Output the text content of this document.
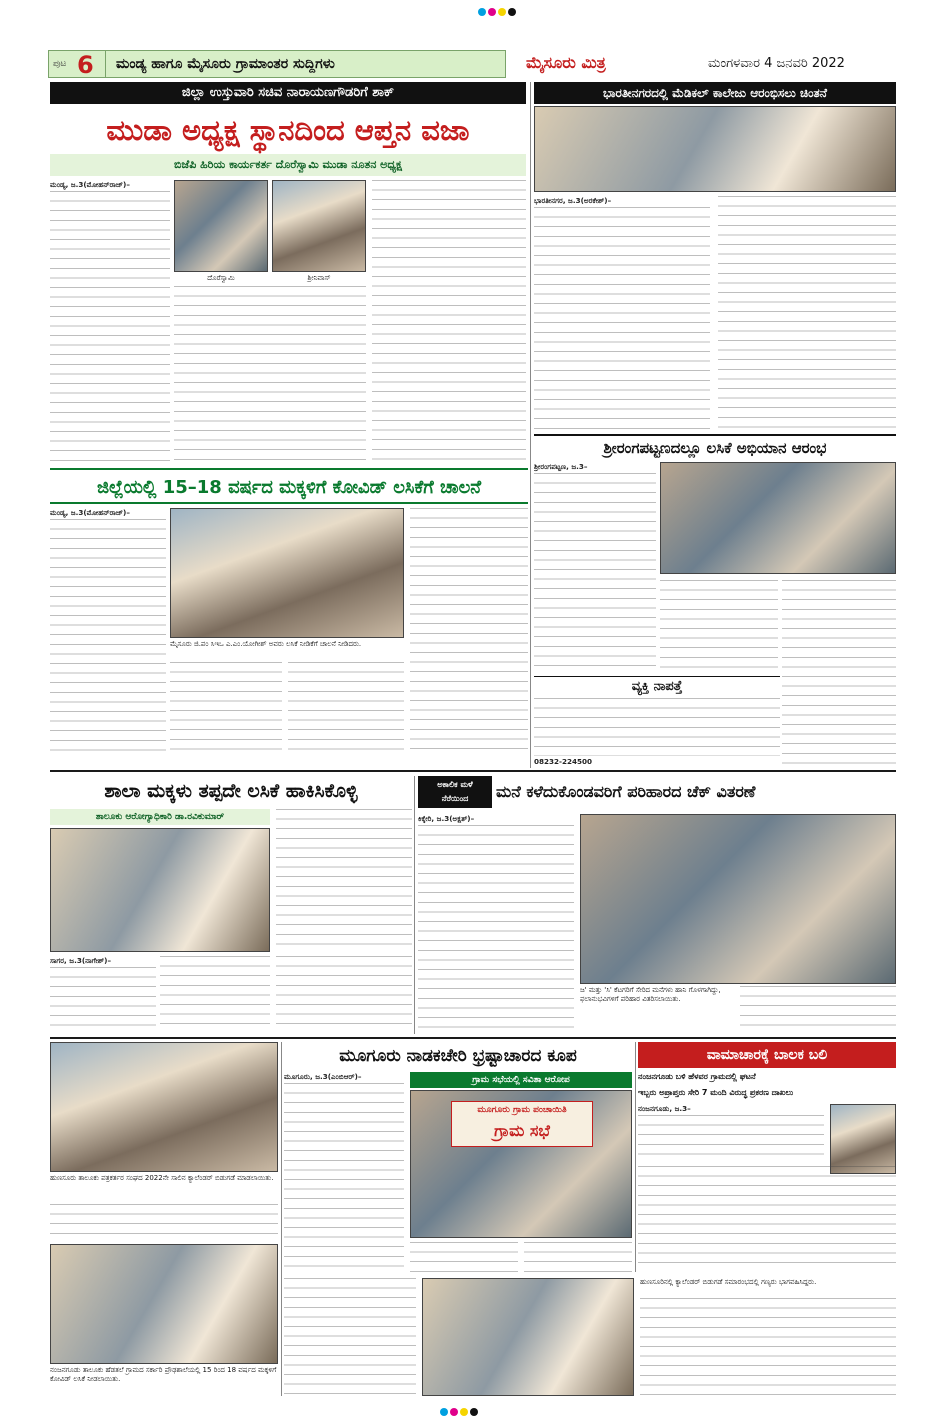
ಪುಟ 6 ಮಂಡ್ಯ ಹಾಗೂ ಮೈಸೂರು ಗ್ರಾಮಾಂತರ ಸುದ್ದಿಗಳು	ಮೈಸೂರು ಮಿತ್ರ	ಮಂಗಳವಾರ 4 ಜನವರಿ 2022
ಜಿಲ್ಲಾ ಉಸ್ತುವಾರಿ ಸಚಿವ ನಾರಾಯಣಗೌಡರಿಗೆ ಶಾಕ್
ಮುಡಾ ಅಧ್ಯಕ್ಷ ಸ್ಥಾನದಿಂದ ಆಪ್ತನ ವಜಾ
ಬಿಜೆಪಿ ಹಿರಿಯ ಕಾರ್ಯಕರ್ತ ದೊರೆಸ್ವಾಮಿ ಮುಡಾ ನೂತನ ಅಧ್ಯಕ್ಷ
ಮಂಡ್ಯ, ಜ.3(ಮೋಹನ್‌ರಾಜ್)–
ದೊರೆಸ್ವಾಮಿ	ಶ್ರೀನಿವಾಸ್
ಭಾರತೀನಗರದಲ್ಲಿ ಮೆಡಿಕಲ್ ಕಾಲೇಜು ಆರಂಭಿಸಲು ಚಿಂತನೆ
ಭಾರತೀನಗರ, ಜ.3(ಅರಕೇಶ್)–
ಶ್ರೀರಂಗಪಟ್ಟಣದಲ್ಲೂ ಲಸಿಕೆ ಅಭಿಯಾನ ಆರಂಭ
ಶ್ರೀರಂಗಪಟ್ಟಣ, ಜ.3–
ಜಿಲ್ಲೆಯಲ್ಲಿ 15–18 ವರ್ಷದ ಮಕ್ಕಳಿಗೆ ಕೋವಿಡ್ ಲಸಿಕೆಗೆ ಚಾಲನೆ
ಮಂಡ್ಯ, ಜ.3(ಮೋಹನ್‌ರಾಜ್)–
ಮೈಸೂರು ಜಿ.ಪಂ ಸಿಇಒ ಎ.ಎಂ.ಯೋಗೀಶ್ ಅವರು ಲಸಿಕೆ ನೀಡಿಕೆಗೆ ಚಾಲನೆ ನೀಡಿದರು.
ವ್ಯಕ್ತಿ ನಾಪತ್ತೆ
08232-224500
ಶಾಲಾ ಮಕ್ಕಳು ತಪ್ಪದೇ ಲಸಿಕೆ ಹಾಕಿಸಿಕೊಳ್ಳಿ
ತಾಲೂಕು ಆರೋಗ್ಯಾಧಿಕಾರಿ ಡಾ.ರವಿಕುಮಾರ್
ಸಾಗರ, ಜ.3(ನಾಗೇಶ್)–
ಅಕಾಲಿಕ ಮಳೆ
ನೆರೆಯಿಂದ	ಮನೆ ಕಳೆದುಕೊಂಡವರಿಗೆ ಪರಿಹಾರದ ಚೆಕ್ ವಿತರಣೆ
ಕಿಕ್ಕೇರಿ, ಜ.3(ಅಕ್ಷತ್)–
ಜ' ಮತ್ತು 'ಸಿ' ಕೆಟಗರಿಗೆ ಸೇರಿದ ಮನೆಗಳು ಹಾನಿ ಗೊಳಗಾಗಿದ್ದು, ಫಲಾನುಭವಿಗಳಿಗೆ ಪರಿಹಾರ ವಿತರಿಸಲಾಯಿತು.
ಹುಣಸೂರು ತಾಲೂಕು ಪತ್ರಕರ್ತರ ಸಂಘದ 2022ನೇ ಸಾಲಿನ ಕ್ಯಾಲೆಂಡರ್ ಬಿಡುಗಡೆ ಮಾಡಲಾಯಿತು.
ನಂಜನಗೂಡು ತಾಲೂಕು ಹೆಡತಲೆ ಗ್ರಾಮದ ಸರ್ಕಾರಿ ಪ್ರೌಢಶಾಲೆಯಲ್ಲಿ 15 ರಿಂದ 18 ವರ್ಷದ ಮಕ್ಕಳಿಗೆ ಕೋವಿಡ್ ಲಸಿಕೆ ನೀಡಲಾಯಿತು.
ಮೂಗೂರು ನಾಡಕಚೇರಿ ಭ್ರಷ್ಟಾಚಾರದ ಕೂಪ
ಮೂಗೂರು, ಜ.3(ಎಂಬಿಆರ್)–	ಗ್ರಾಮ ಸಭೆಯಲ್ಲಿ ಸವಿತಾ ಆರೋಪ
ಮೂಗೂರು ಗ್ರಾಮ ಪಂಚಾಯಿತಿ
ಗ್ರಾಮ ಸಭೆ
ವಾಮಾಚಾರಕ್ಕೆ ಬಾಲಕ ಬಲಿ
ನಂಜನಗೂಡು ಬಳಿ ಹೆಳವರ ಗ್ರಾಮದಲ್ಲಿ ಘಟನೆ
ಇಬ್ಬರು ಅಪ್ರಾಪ್ತರು ಸೇರಿ 7 ಮಂದಿ ವಿರುದ್ಧ ಪ್ರಕರಣ ದಾಖಲು
ನಂಜನಗೂಡು, ಜ.3–
ಹುಣಸೂರಿನಲ್ಲಿ ಕ್ಯಾಲೆಂಡರ್ ಬಿಡುಗಡೆ ಸಮಾರಂಭದಲ್ಲಿ ಗಣ್ಯರು ಭಾಗವಹಿಸಿದ್ದರು.
